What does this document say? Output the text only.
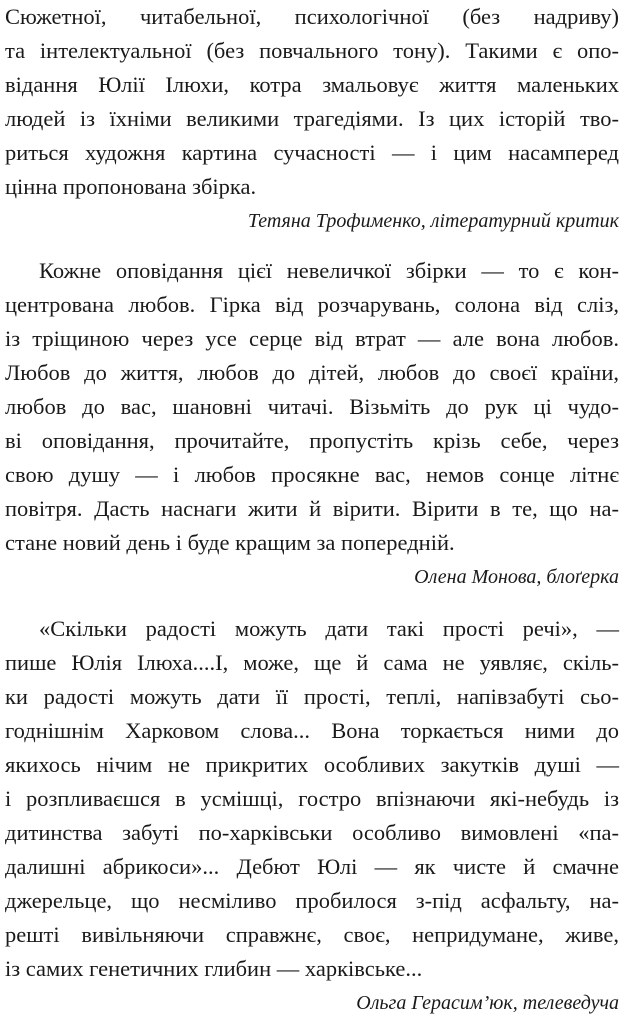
Сюжетної, читабельної, психологічної (без надриву)
та інтелектуальної (без повчального тону). Такими є опо-
відання Юлії Ілюхи, котра змальовує життя маленьких
людей із їхніми великими трагедіями. Із цих історій тво-
риться художня картина сучасності — і цим насамперед
цінна пропонована збірка.
Тетяна Трофименко, літературний критик
Кожне оповідання цієї невеличкої збірки — то є кон-
центрована любов. Гірка від розчарувань, солона від сліз,
із тріщиною через усе серце від втрат — але вона любов.
Любов до життя, любов до дітей, любов до своєї країни,
любов до вас, шановні читачі. Візьміть до рук ці чудо-
ві оповідання, прочитайте, пропустіть крізь себе, через
свою душу — і любов просякне вас, немов сонце літнє
повітря. Дасть наснаги жити й вірити. Вірити в те, що на-
стане новий день і буде кращим за попередній.
Олена Монова, блоґерка
«Скільки радості можуть дати такі прості речі», —
пише Юлія Ілюха....І, може, ще й сама не уявляє, скіль-
ки радості можуть дати її прості, теплі, напівзабуті сьо-
годнішнім Харковом слова... Вона торкається ними до
якихось нічим не прикритих особливих закутків душі —
і розпливаєшся в усмішці, гостро впізнаючи які-небудь із
дитинства забуті по-харківськи особливо вимовлені «па-
далишні абрикоси»... Дебют Юлі — як чисте й смачне
джерельце, що несміливо пробилося з-під асфальту, на-
решті вивільняючи справжнє, своє, непридумане, живе,
із самих генетичних глибин — харківське...
Ольга Герасим’юк, телеведуча
